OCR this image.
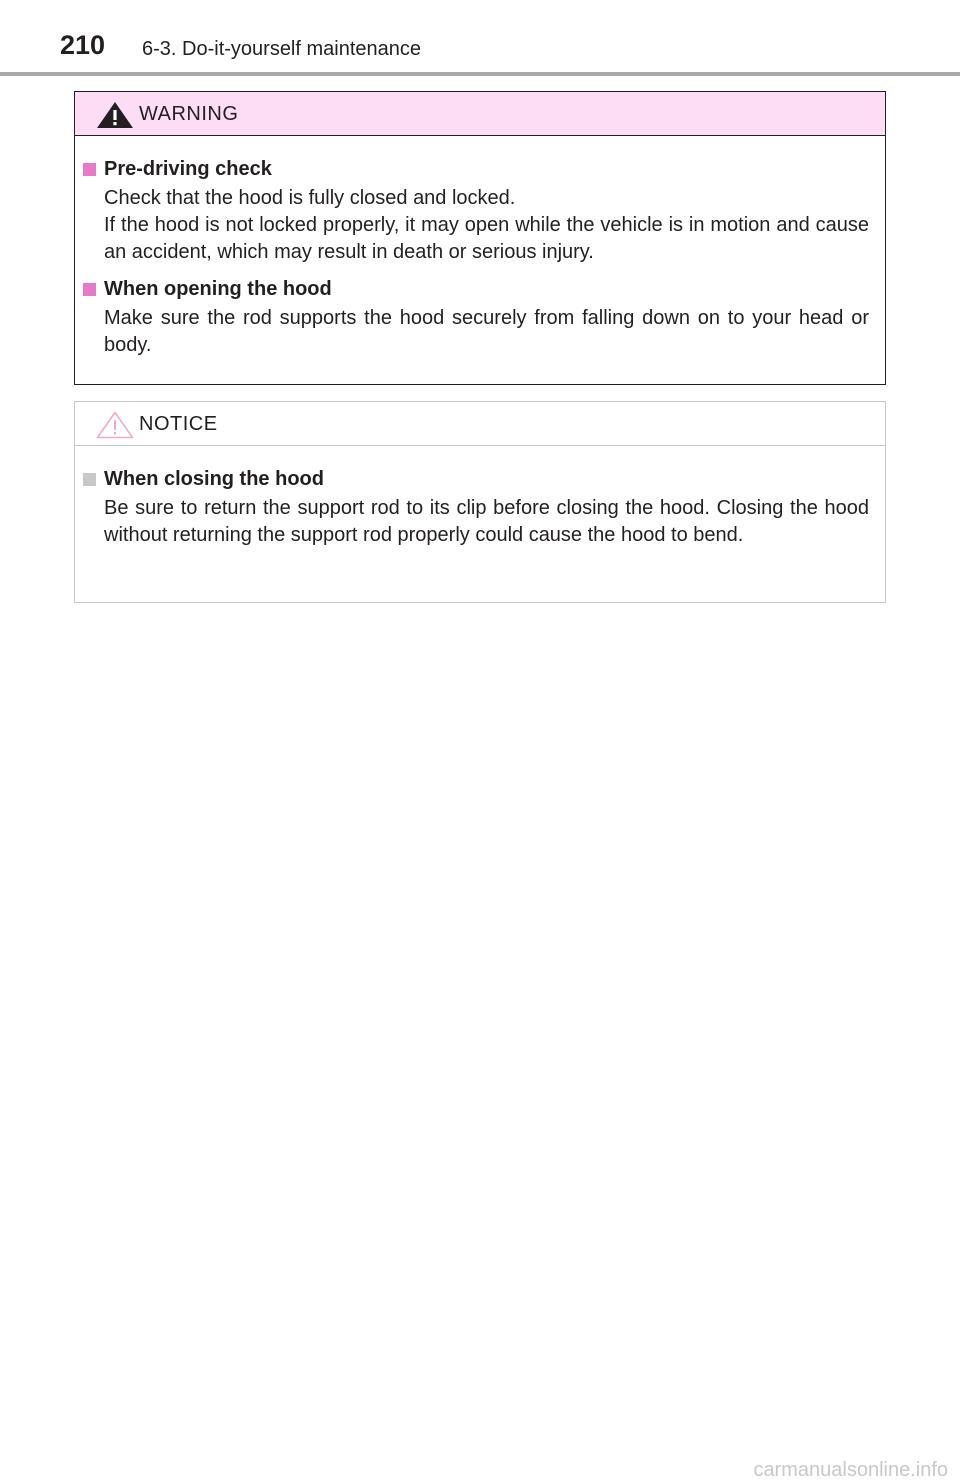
210 6-3. Do-it-yourself maintenance
WARNING
Pre-driving check

Check that the hood is fully closed and locked.

If the hood is not locked properly, it may open while the vehicle is in motion and cause an accident, which may result in death or serious injury.

When opening the hood

Make sure the rod supports the hood securely from falling down on to your head or body.

NOTICE
When closing the hood

Be sure to return the support rod to its clip before closing the hood. Closing the hood without returning the support rod properly could cause the hood to bend.

carmanualsonline.info
